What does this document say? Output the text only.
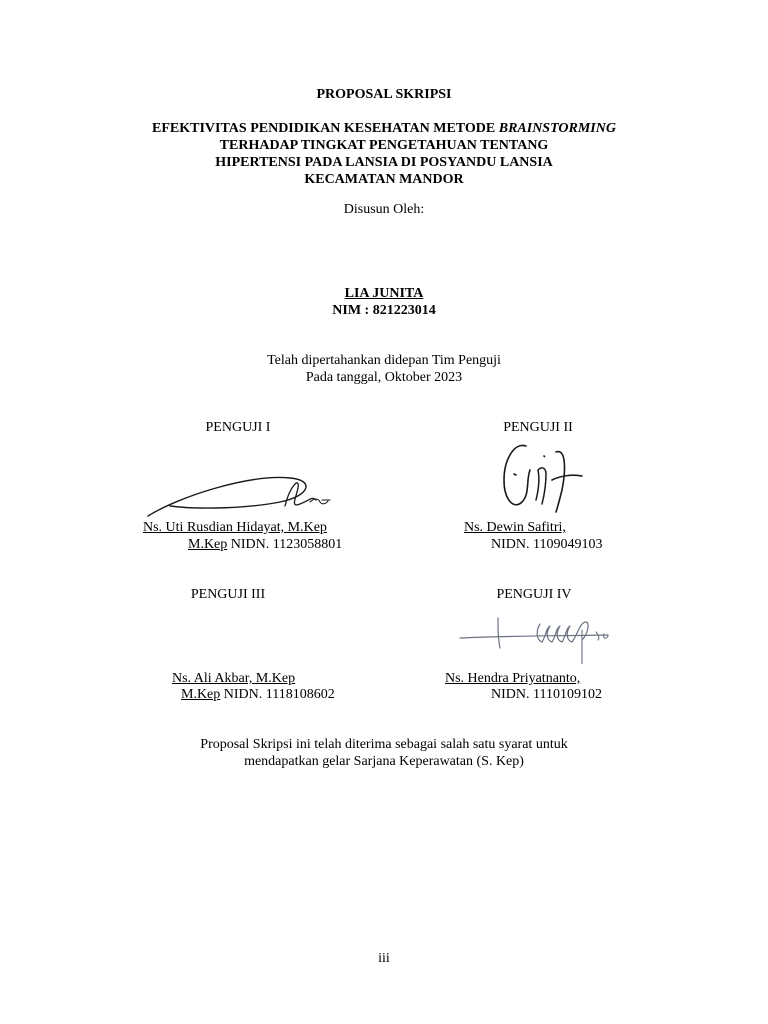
PROPOSAL SKRIPSI
EFEKTIVITAS PENDIDIKAN KESEHATAN METODE BRAINSTORMING
TERHADAP TINGKAT PENGETAHUAN TENTANG
HIPERTENSI PADA LANSIA DI POSYANDU LANSIA
KECAMATAN MANDOR
Disusun Oleh:
LIA JUNITA
NIM : 821223014
Telah dipertahankan didepan Tim Penguji
Pada tanggal, Oktober 2023
PENGUJI I
Ns. Uti Rusdian Hidayat, M.Kep
M.Kep NIDN. 1123058801
PENGUJI II
Ns. Dewin Safitri,
NIDN. 1109049103
PENGUJI III
Ns. Ali Akbar, M.Kep
M.Kep NIDN. 1118108602
PENGUJI IV
Ns. Hendra Priyatnanto,
NIDN. 1110109102
Proposal Skripsi ini telah diterima sebagai salah satu syarat untuk
mendapatkan gelar Sarjana Keperawatan (S. Kep)
iii
